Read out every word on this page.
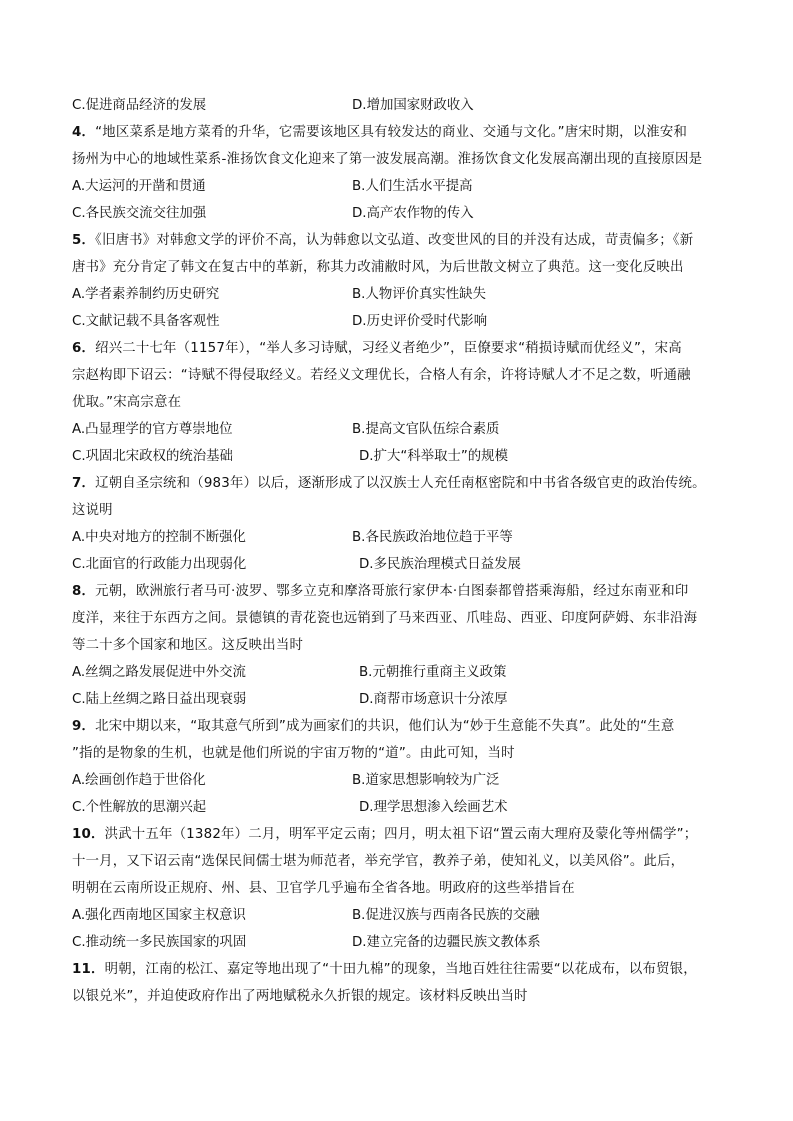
C.促进商品经济的发展	D.增加国家财政收入
4．“地区菜系是地方菜肴的升华，它需要该地区具有较发达的商业、交通与文化。”唐宋时期，以淮安和
扬州为中心的地域性菜系-淮扬饮食文化迎来了第一波发展高潮。淮扬饮食文化发展高潮出现的直接原因是
A.大运河的开凿和贯通	B.人们生活水平提高
C.各民族交流交往加强	D.高产农作物的传入
5．《旧唐书》对韩愈文学的评价不高，认为韩愈以文弘道、改变世风的目的并没有达成，苛责偏多；《新
唐书》充分肯定了韩文在复古中的革新，称其力改浦敝时风，为后世散文树立了典范。这一变化反映出
A.学者素养制约历史研究	B.人物评价真实性缺失
C.文献记载不具备客观性	D.历史评价受时代影响
6．绍兴二十七年（1157年），“举人多习诗赋，习经义者绝少”，臣僚要求“稍损诗赋而优经义”，宋高
宗赵构即下诏云：“诗赋不得侵取经义。若经义文理优长，合格人有余，许将诗赋人才不足之数，听通融
优取。”宋高宗意在
A.凸显理学的官方尊崇地位	B.提高文官队伍综合素质
C.巩固北宋政权的统治基础	D.扩大“科举取士”的规模
7．辽朝自圣宗统和（983年）以后，逐渐形成了以汉族士人充任南枢密院和中书省各级官吏的政治传统。
这说明
A.中央对地方的控制不断强化	B.各民族政治地位趋于平等
C.北面官的行政能力出现弱化	D.多民族治理模式日益发展
8．元朝，欧洲旅行者马可·波罗、鄂多立克和摩洛哥旅行家伊本·白图泰都曾搭乘海船，经过东南亚和印
度洋，来往于东西方之间。景德镇的青花瓷也远销到了马来西亚、爪哇岛、西亚、印度阿萨姆、东非沿海
等二十多个国家和地区。这反映出当时
A.丝绸之路发展促进中外交流	B.元朝推行重商主义政策
C.陆上丝绸之路日益出现衰弱	D.商帮市场意识十分浓厚
9．北宋中期以来，“取其意气所到”成为画家们的共识，他们认为“妙于生意能不失真”。此处的“生意
”指的是物象的生机，也就是他们所说的宇宙万物的“道”。由此可知，当时
A.绘画创作趋于世俗化	B.道家思想影响较为广泛
C.个性解放的思潮兴起	D.理学思想渗入绘画艺术
10．洪武十五年（1382年）二月，明军平定云南；四月，明太祖下诏“置云南大理府及蒙化等州儒学”；
十一月，又下诏云南“选保民间儒士堪为师范者，举充学官，教养子弟，使知礼义，以美风俗”。此后，
明朝在云南所设正规府、州、县、卫官学几乎遍布全省各地。明政府的这些举措旨在
A.强化西南地区国家主权意识	B.促进汉族与西南各民族的交融
C.推动统一多民族国家的巩固	D.建立完备的边疆民族文教体系
11．明朝，江南的松江、嘉定等地出现了“十田九棉”的现象，当地百姓往往需要“以花成布，以布贸银，
以银兑米”，并迫使政府作出了两地赋税永久折银的规定。该材料反映出当时
